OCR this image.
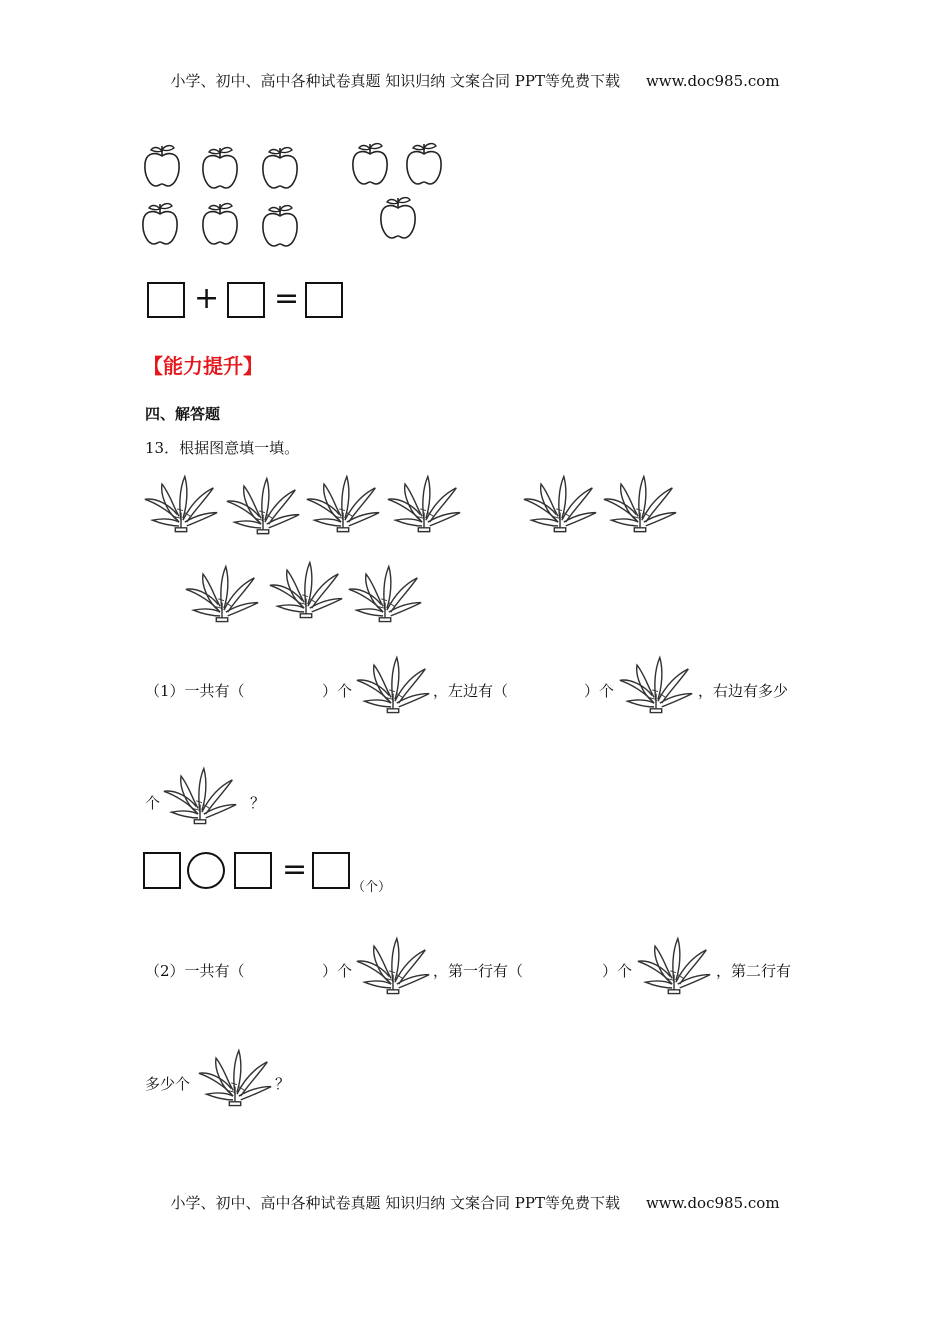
小学、初中、高中各种试卷真题 知识归纳 文案合同 PPT等免费下载 www.doc985.com
+ =
【能力提升】
四、解答题
13．根据图意填一填。
（1）一共有（	）个	，左边有（	）个	，右边有多少
个	？
=
（个）
（2）一共有（	）个	，第一行有（	）个	，第二行有
多少个	？
小学、初中、高中各种试卷真题 知识归纳 文案合同 PPT等免费下载 www.doc985.com
